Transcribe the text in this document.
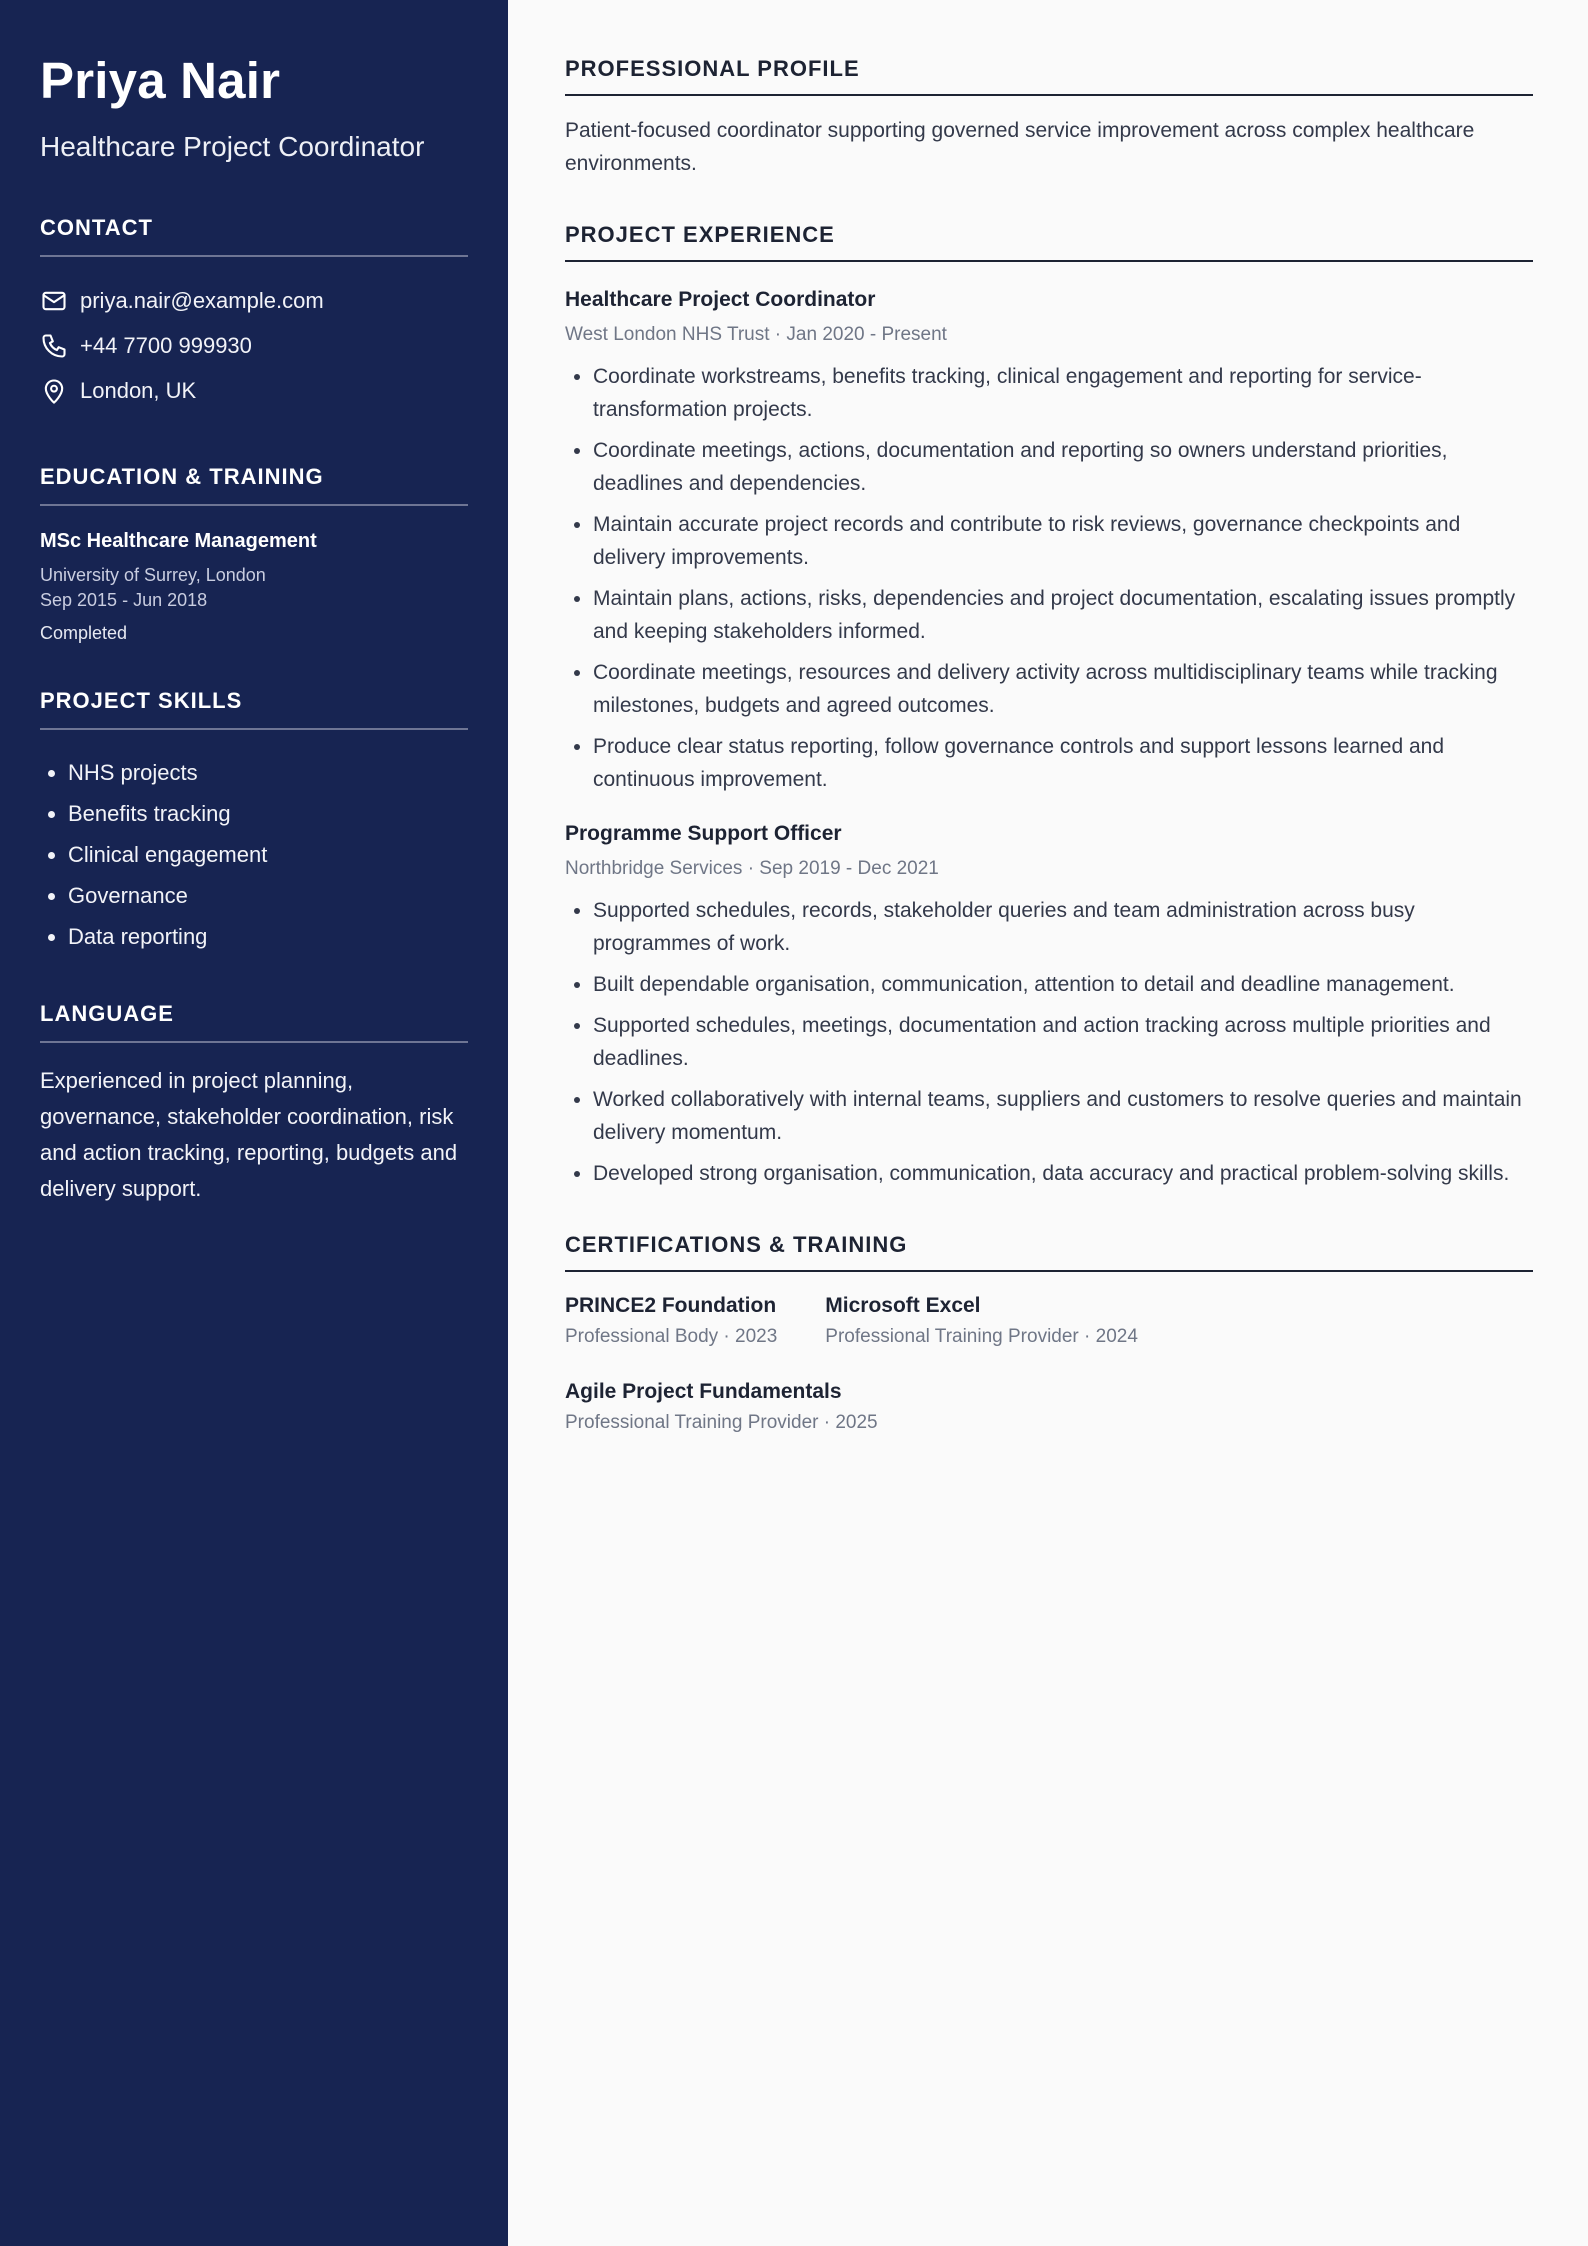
Priya Nair
Healthcare Project Coordinator
CONTACT
priya.nair@example.com
+44 7700 999930
London, UK
EDUCATION & TRAINING
MSc Healthcare Management
University of Surrey, London
Sep 2015 - Jun 2018
Completed
PROJECT SKILLS
• NHS projects
• Benefits tracking
• Clinical engagement
• Governance
• Data reporting
LANGUAGE
Experienced in project planning, governance, stakeholder coordination, risk and action tracking, reporting, budgets and delivery support.
PROFESSIONAL PROFILE
Patient-focused coordinator supporting governed service improvement across complex healthcare environments.
PROJECT EXPERIENCE
Healthcare Project Coordinator
West London NHS Trust · Jan 2020 - Present
• Coordinate workstreams, benefits tracking, clinical engagement and reporting for service-transformation projects.
• Coordinate meetings, actions, documentation and reporting so owners understand priorities, deadlines and dependencies.
• Maintain accurate project records and contribute to risk reviews, governance checkpoints and delivery improvements.
• Maintain plans, actions, risks, dependencies and project documentation, escalating issues promptly and keeping stakeholders informed.
• Coordinate meetings, resources and delivery activity across multidisciplinary teams while tracking milestones, budgets and agreed outcomes.
• Produce clear status reporting, follow governance controls and support lessons learned and continuous improvement.
Programme Support Officer
Northbridge Services · Sep 2019 - Dec 2021
• Supported schedules, records, stakeholder queries and team administration across busy programmes of work.
• Built dependable organisation, communication, attention to detail and deadline management.
• Supported schedules, meetings, documentation and action tracking across multiple priorities and deadlines.
• Worked collaboratively with internal teams, suppliers and customers to resolve queries and maintain delivery momentum.
• Developed strong organisation, communication, data accuracy and practical problem-solving skills.
CERTIFICATIONS & TRAINING
PRINCE2 Foundation
Professional Body · 2023
Microsoft Excel
Professional Training Provider · 2024
Agile Project Fundamentals
Professional Training Provider · 2025
